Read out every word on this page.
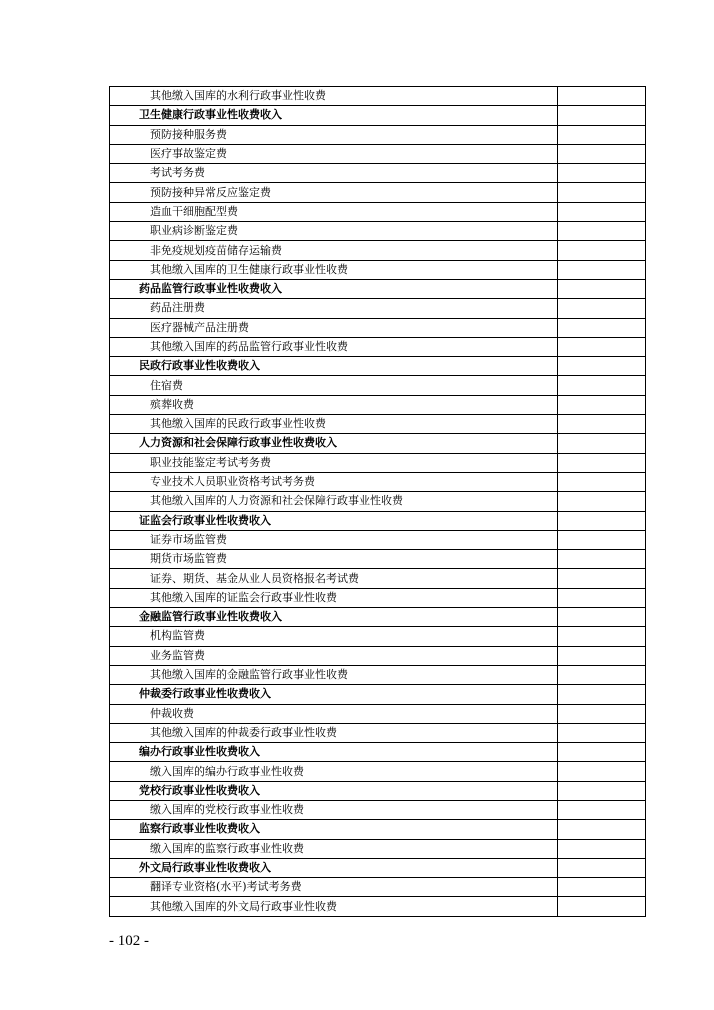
其他缴入国库的水利行政事业性收费	
卫生健康行政事业性收费收入	
预防接种服务费	
医疗事故鉴定费	
考试考务费	
预防接种异常反应鉴定费	
造血干细胞配型费	
职业病诊断鉴定费	
非免疫规划疫苗储存运输费	
其他缴入国库的卫生健康行政事业性收费	
药品监管行政事业性收费收入	
药品注册费	
医疗器械产品注册费	
其他缴入国库的药品监管行政事业性收费	
民政行政事业性收费收入	
住宿费	
殡葬收费	
其他缴入国库的民政行政事业性收费	
人力资源和社会保障行政事业性收费收入	
职业技能鉴定考试考务费	
专业技术人员职业资格考试考务费	
其他缴入国库的人力资源和社会保障行政事业性收费	
证监会行政事业性收费收入	
证券市场监管费	
期货市场监管费	
证券、期货、基金从业人员资格报名考试费	
其他缴入国库的证监会行政事业性收费	
金融监管行政事业性收费收入	
机构监管费	
业务监管费	
其他缴入国库的金融监管行政事业性收费	
仲裁委行政事业性收费收入	
仲裁收费	
其他缴入国库的仲裁委行政事业性收费	
编办行政事业性收费收入	
缴入国库的编办行政事业性收费	
党校行政事业性收费收入	
缴入国库的党校行政事业性收费	
监察行政事业性收费收入	
缴入国库的监察行政事业性收费	
外文局行政事业性收费收入	
翻译专业资格(水平)考试考务费	
其他缴入国库的外文局行政事业性收费	
- 102 -
